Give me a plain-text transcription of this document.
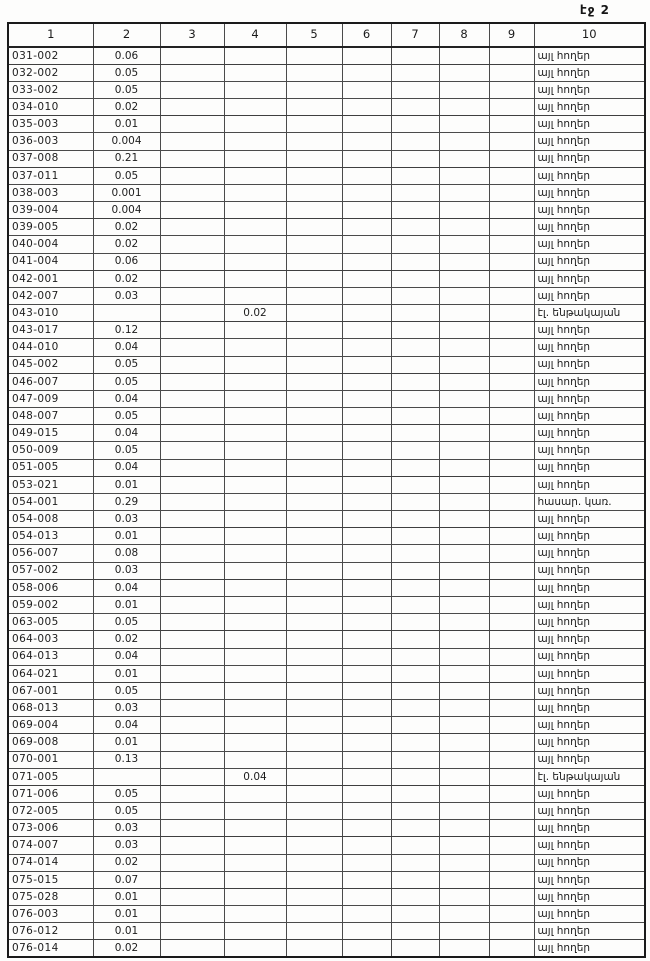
էջ 2
1	2	3	4	5	6	7	8	9	10
031-002	0.06								այլ հողեր
032-002	0.05								այլ հողեր
033-002	0.05								այլ հողեր
034-010	0.02								այլ հողեր
035-003	0.01								այլ հողեր
036-003	0.004								այլ հողեր
037-008	0.21								այլ հողեր
037-011	0.05								այլ հողեր
038-003	0.001								այլ հողեր
039-004	0.004								այլ հողեր
039-005	0.02								այլ հողեր
040-004	0.02								այլ հողեր
041-004	0.06								այլ հողեր
042-001	0.02								այլ հողեր
042-007	0.03								այլ հողեր
043-010			0.02						էլ. ենթակայան
043-017	0.12								այլ հողեր
044-010	0.04								այլ հողեր
045-002	0.05								այլ հողեր
046-007	0.05								այլ հողեր
047-009	0.04								այլ հողեր
048-007	0.05								այլ հողեր
049-015	0.04								այլ հողեր
050-009	0.05								այլ հողեր
051-005	0.04								այլ հողեր
053-021	0.01								այլ հողեր
054-001	0.29								հասար. կառ.
054-008	0.03								այլ հողեր
054-013	0.01								այլ հողեր
056-007	0.08								այլ հողեր
057-002	0.03								այլ հողեր
058-006	0.04								այլ հողեր
059-002	0.01								այլ հողեր
063-005	0.05								այլ հողեր
064-003	0.02								այլ հողեր
064-013	0.04								այլ հողեր
064-021	0.01								այլ հողեր
067-001	0.05								այլ հողեր
068-013	0.03								այլ հողեր
069-004	0.04								այլ հողեր
069-008	0.01								այլ հողեր
070-001	0.13								այլ հողեր
071-005			0.04						էլ. ենթակայան
071-006	0.05								այլ հողեր
072-005	0.05								այլ հողեր
073-006	0.03								այլ հողեր
074-007	0.03								այլ հողեր
074-014	0.02								այլ հողեր
075-015	0.07								այլ հողեր
075-028	0.01								այլ հողեր
076-003	0.01								այլ հողեր
076-012	0.01								այլ հողեր
076-014	0.02								այլ հողեր
